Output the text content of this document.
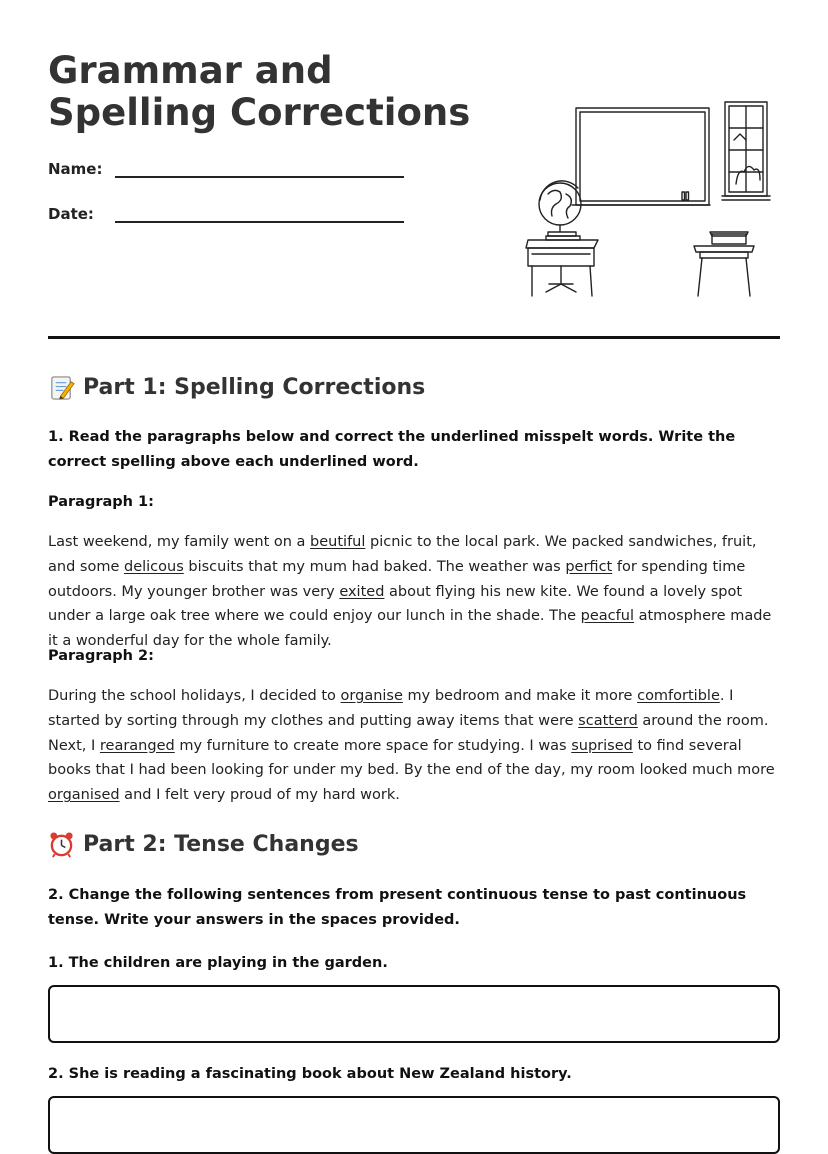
Grammar and Spelling Corrections
Name:
Date:
Part 1: Spelling Corrections

1. Read the paragraphs below and correct the underlined misspelt words. Write the correct spelling above each underlined word.

Paragraph 1:

Last weekend, my family went on a beutiful picnic to the local park. We packed sandwiches, fruit, and some delicous biscuits that my mum had baked. The weather was perfict for spending time outdoors. My younger brother was very exited about flying his new kite. We found a lovely spot under a large oak tree where we could enjoy our lunch in the shade. The peacful atmosphere made it a wonderful day for the whole family.

Paragraph 2:

During the school holidays, I decided to organise my bedroom and make it more comfortible. I started by sorting through my clothes and putting away items that were scatterd around the room. Next, I rearanged my furniture to create more space for studying. I was suprised to find several books that I had been looking for under my bed. By the end of the day, my room looked much more organised and I felt very proud of my hard work.

Part 2: Tense Changes

2. Change the following sentences from present continuous tense to past continuous tense. Write your answers in the spaces provided.

1. The children are playing in the garden.

2. She is reading a fascinating book about New Zealand history.
